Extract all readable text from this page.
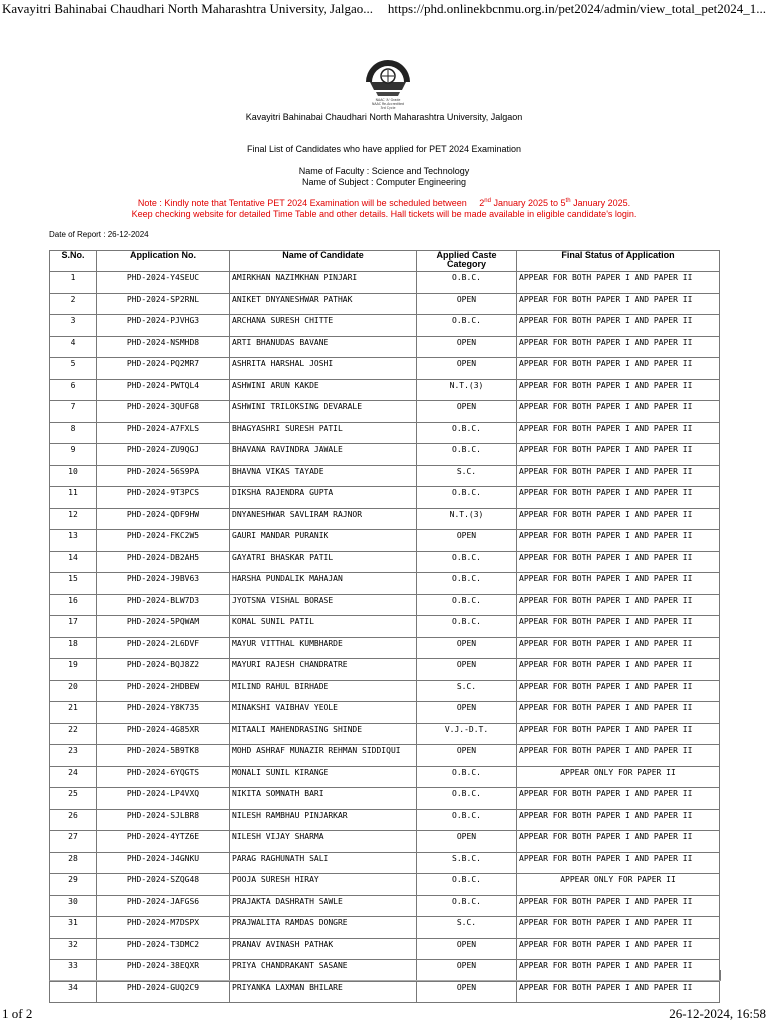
Kavayitri Bahinabai Chaudhari North Maharashtra University, Jalgao... https://phd.onlinekbcnmu.org.in/pet2024/admin/view_total_pet2024_1...
NAAC 'A' Grade
NAAC Re-Accredited
3rd Cycle
Kavayitri Bahinabai Chaudhari North Maharashtra University, Jalgaon
Final List of Candidates who have applied for PET 2024 Examination
Name of Faculty : Science and Technology
Name of Subject : Computer Engineering
Note : Kindly note that Tentative PET 2024 Examination will be scheduled between 2nd January 2025 to 5th January 2025.
Keep checking website for detailed Time Table and other details. Hall tickets will be made available in eligible candidate's login.
Date of Report : 26-12-2024
S.No.	Application No.	Name of Candidate	Applied Caste Category	Final Status of Application
1	PHD-2024-Y4SEUC	AMIRKHAN NAZIMKHAN PINJARI	O.B.C.	APPEAR FOR BOTH PAPER I AND PAPER II
2	PHD-2024-SP2RNL	ANIKET DNYANESHWAR PATHAK	OPEN	APPEAR FOR BOTH PAPER I AND PAPER II
3	PHD-2024-PJVHG3	ARCHANA SURESH CHITTE	O.B.C.	APPEAR FOR BOTH PAPER I AND PAPER II
4	PHD-2024-NSMHD8	ARTI BHANUDAS BAVANE	OPEN	APPEAR FOR BOTH PAPER I AND PAPER II
5	PHD-2024-PQ2MR7	ASHRITA HARSHAL JOSHI	OPEN	APPEAR FOR BOTH PAPER I AND PAPER II
6	PHD-2024-PWTQL4	ASHWINI ARUN KAKDE	N.T.(3)	APPEAR FOR BOTH PAPER I AND PAPER II
7	PHD-2024-3QUFG8	ASHWINI TRILOKSING DEVARALE	OPEN	APPEAR FOR BOTH PAPER I AND PAPER II
8	PHD-2024-A7FXLS	BHAGYASHRI SURESH PATIL	O.B.C.	APPEAR FOR BOTH PAPER I AND PAPER II
9	PHD-2024-ZU9QGJ	BHAVANA RAVINDRA JAWALE	O.B.C.	APPEAR FOR BOTH PAPER I AND PAPER II
10	PHD-2024-56S9PA	BHAVNA VIKAS TAYADE	S.C.	APPEAR FOR BOTH PAPER I AND PAPER II
11	PHD-2024-9T3PCS	DIKSHA RAJENDRA GUPTA	O.B.C.	APPEAR FOR BOTH PAPER I AND PAPER II
12	PHD-2024-QDF9HW	DNYANESHWAR SAVLIRAM RAJNOR	N.T.(3)	APPEAR FOR BOTH PAPER I AND PAPER II
13	PHD-2024-FKC2W5	GAURI MANDAR PURANIK	OPEN	APPEAR FOR BOTH PAPER I AND PAPER II
14	PHD-2024-DB2AH5	GAYATRI BHASKAR PATIL	O.B.C.	APPEAR FOR BOTH PAPER I AND PAPER II
15	PHD-2024-J9BV63	HARSHA PUNDALIK MAHAJAN	O.B.C.	APPEAR FOR BOTH PAPER I AND PAPER II
16	PHD-2024-BLW7D3	JYOTSNA VISHAL BORASE	O.B.C.	APPEAR FOR BOTH PAPER I AND PAPER II
17	PHD-2024-5PQWAM	KOMAL SUNIL PATIL	O.B.C.	APPEAR FOR BOTH PAPER I AND PAPER II
18	PHD-2024-2L6DVF	MAYUR VITTHAL KUMBHARDE	OPEN	APPEAR FOR BOTH PAPER I AND PAPER II
19	PHD-2024-BQJ8Z2	MAYURI RAJESH CHANDRATRE	OPEN	APPEAR FOR BOTH PAPER I AND PAPER II
20	PHD-2024-2HDBEW	MILIND RAHUL BIRHADE	S.C.	APPEAR FOR BOTH PAPER I AND PAPER II
21	PHD-2024-Y8K735	MINAKSHI VAIBHAV YEOLE	OPEN	APPEAR FOR BOTH PAPER I AND PAPER II
22	PHD-2024-4G85XR	MITAALI MAHENDRASING SHINDE	V.J.-D.T.	APPEAR FOR BOTH PAPER I AND PAPER II
23	PHD-2024-5B9TK8	MOHD ASHRAF MUNAZIR REHMAN SIDDIQUI	OPEN	APPEAR FOR BOTH PAPER I AND PAPER II
24	PHD-2024-6YQGTS	MONALI SUNIL KIRANGE	O.B.C.	APPEAR ONLY FOR PAPER II
25	PHD-2024-LP4VXQ	NIKITA SOMNATH BARI	O.B.C.	APPEAR FOR BOTH PAPER I AND PAPER II
26	PHD-2024-SJLBR8	NILESH RAMBHAU PINJARKAR	O.B.C.	APPEAR FOR BOTH PAPER I AND PAPER II
27	PHD-2024-4YTZ6E	NILESH VIJAY SHARMA	OPEN	APPEAR FOR BOTH PAPER I AND PAPER II
28	PHD-2024-J4GNKU	PARAG RAGHUNATH SALI	S.B.C.	APPEAR FOR BOTH PAPER I AND PAPER II
29	PHD-2024-SZQG48	POOJA SURESH HIRAY	O.B.C.	APPEAR ONLY FOR PAPER II
30	PHD-2024-JAFGS6	PRAJAKTA DASHRATH SAWLE	O.B.C.	APPEAR FOR BOTH PAPER I AND PAPER II
31	PHD-2024-M7DSPX	PRAJWALITA RAMDAS DONGRE	S.C.	APPEAR FOR BOTH PAPER I AND PAPER II
32	PHD-2024-T3DMC2	PRANAV AVINASH PATHAK	OPEN	APPEAR FOR BOTH PAPER I AND PAPER II
33	PHD-2024-38EQXR	PRIYA CHANDRAKANT SASANE	OPEN	APPEAR FOR BOTH PAPER I AND PAPER II
34	PHD-2024-GUQ2C9	PRIYANKA LAXMAN BHILARE	OPEN	APPEAR FOR BOTH PAPER I AND PAPER II
1 of 2	26-12-2024, 16:58
